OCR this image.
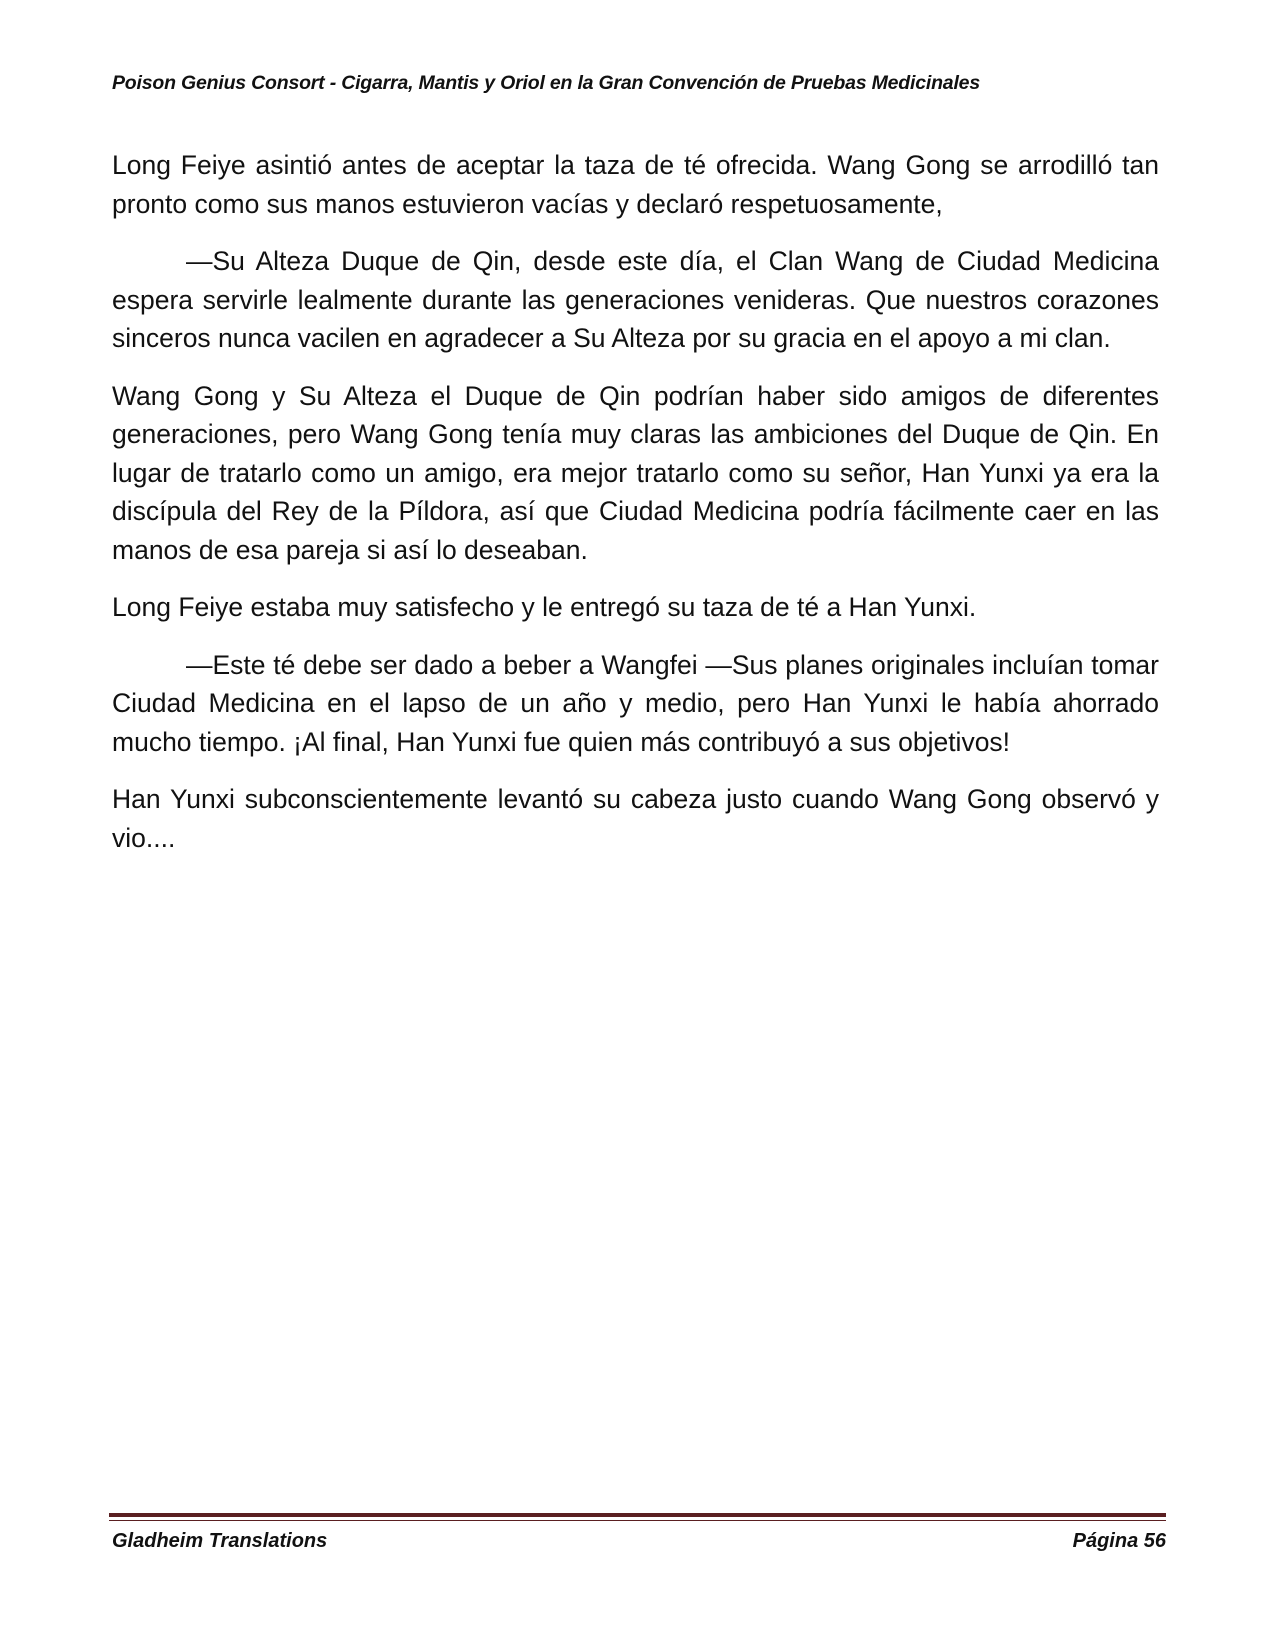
Poison Genius Consort - Cigarra, Mantis y Oriol en la Gran Convención de Pruebas Medicinales

Long Feiye asintió antes de aceptar la taza de té ofrecida. Wang Gong se arrodilló tan pronto como sus manos estuvieron vacías y declaró respetuosamente,

—Su Alteza Duque de Qin, desde este día, el Clan Wang de Ciudad Medicina espera servirle lealmente durante las generaciones venideras. Que nuestros corazones sinceros nunca vacilen en agradecer a Su Alteza por su gracia en el apoyo a mi clan.

Wang Gong y Su Alteza el Duque de Qin podrían haber sido amigos de diferentes generaciones, pero Wang Gong tenía muy claras las ambiciones del Duque de Qin. En lugar de tratarlo como un amigo, era mejor tratarlo como su señor, Han Yunxi ya era la discípula del Rey de la Píldora, así que Ciudad Medicina podría fácilmente caer en las manos de esa pareja si así lo deseaban.

Long Feiye estaba muy satisfecho y le entregó su taza de té a Han Yunxi.

—Este té debe ser dado a beber a Wangfei —Sus planes originales incluían tomar Ciudad Medicina en el lapso de un año y medio, pero Han Yunxi le había ahorrado mucho tiempo. ¡Al final, Han Yunxi fue quien más contribuyó a sus objetivos!

Han Yunxi subconscientemente levantó su cabeza justo cuando Wang Gong observó y vio....

Gladheim Translations	Página 56
